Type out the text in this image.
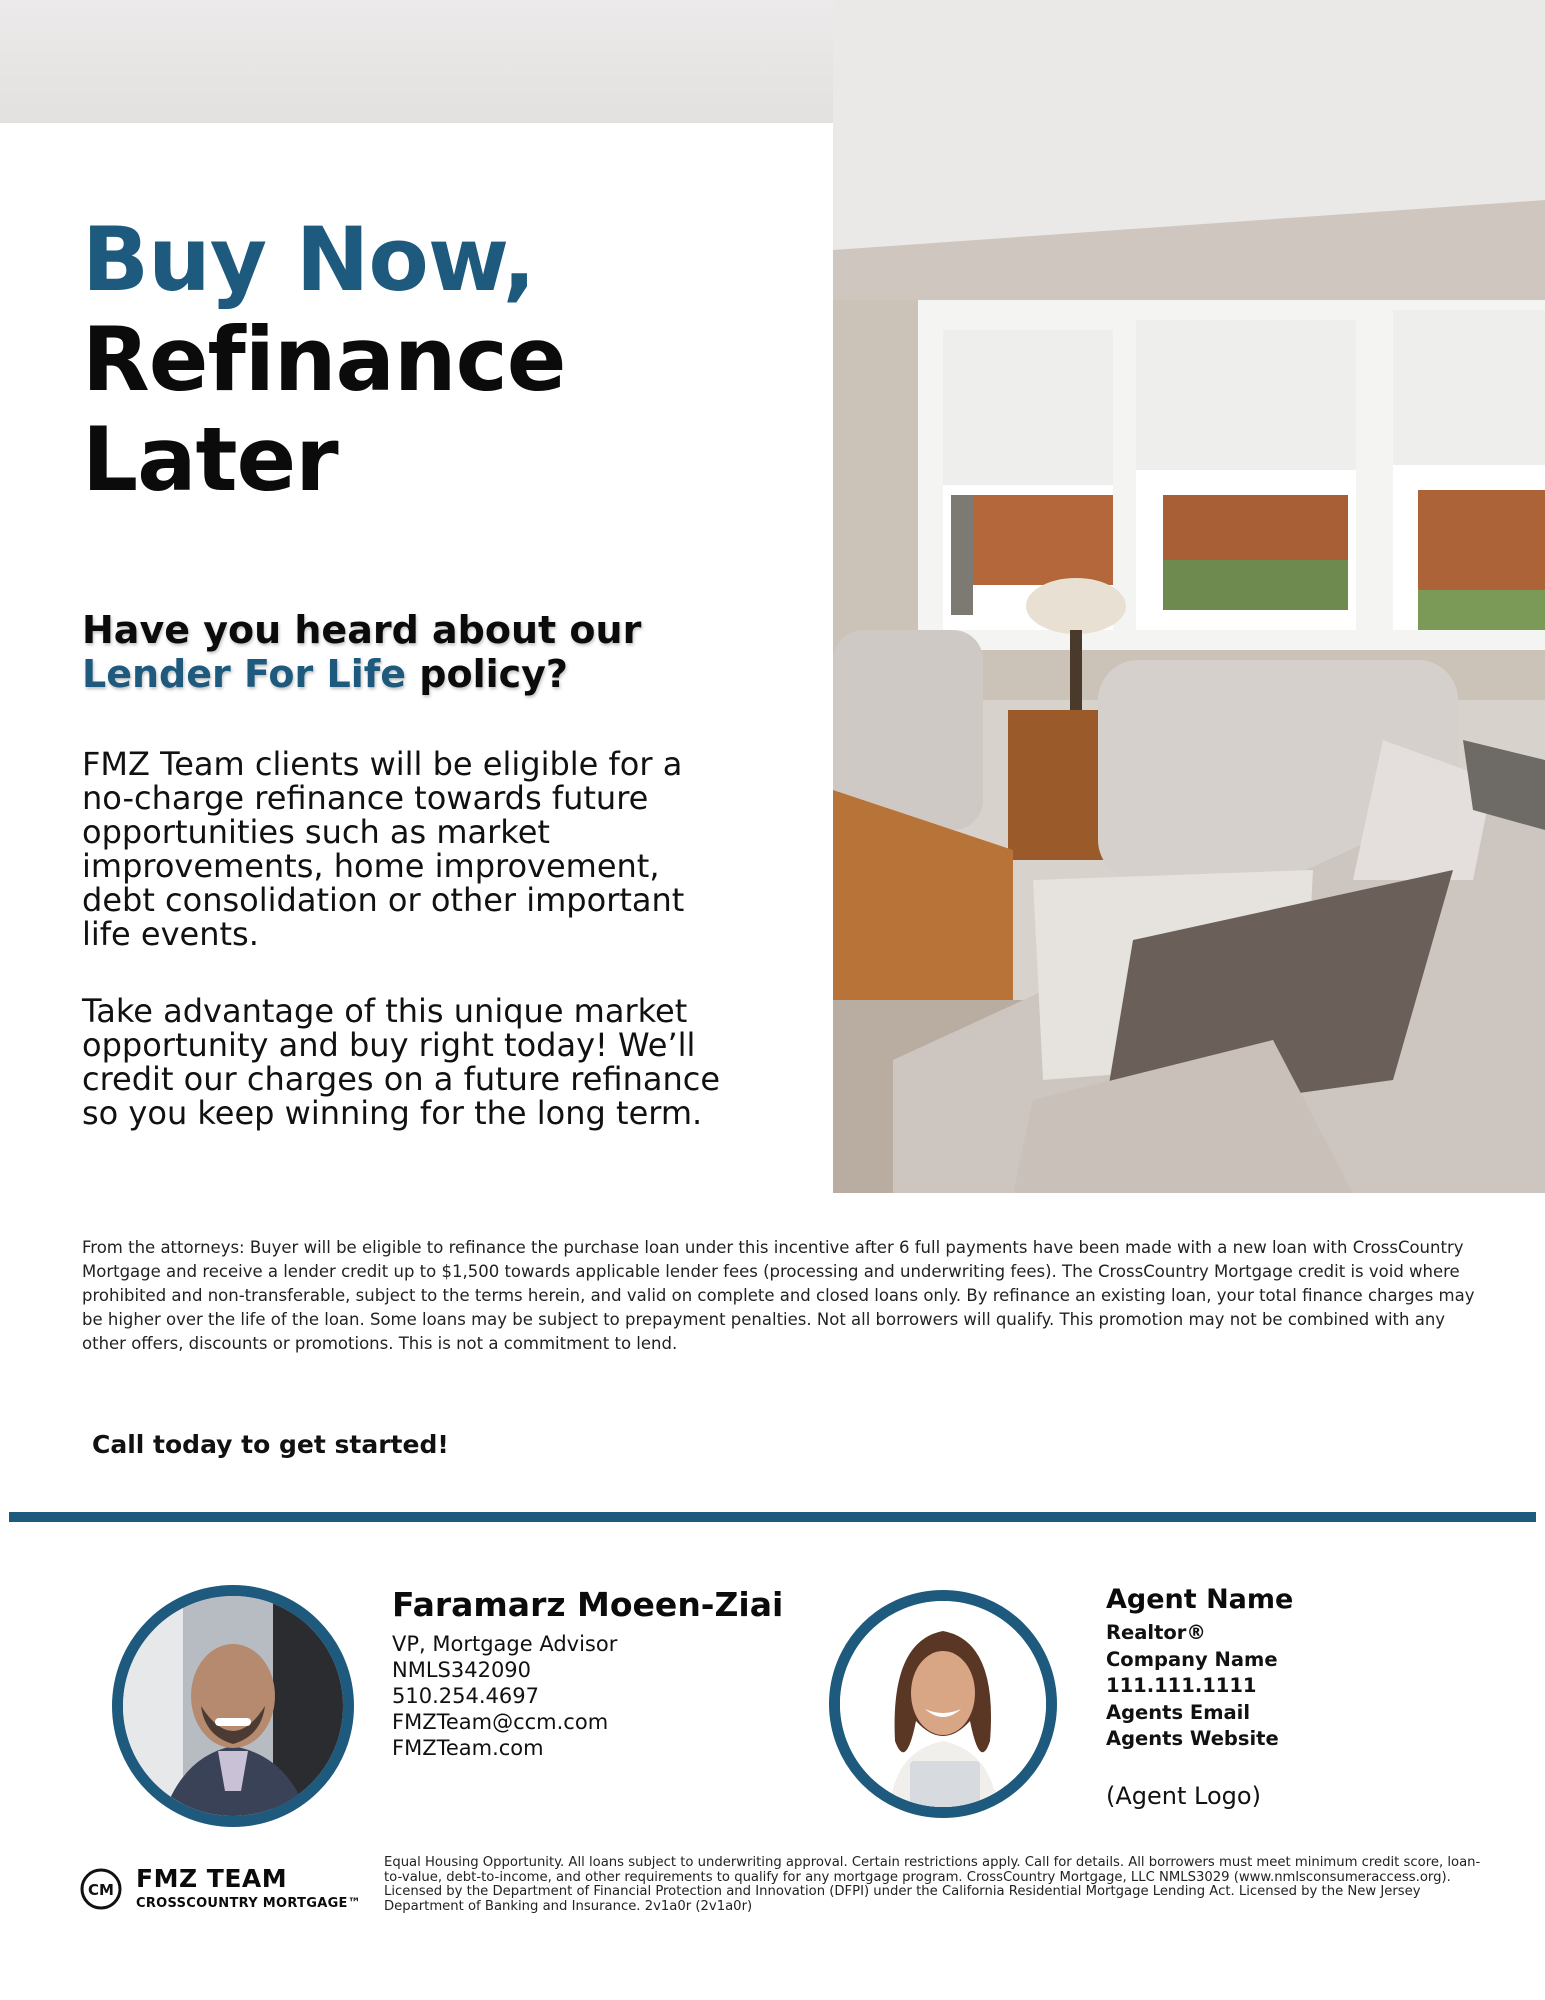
Buy Now,
Refinance
Later
Have you heard about our
Lender For Life policy?

FMZ Team clients will be eligible for a no-charge refinance towards future opportunities such as market improvements, home improvement, debt consolidation or other important life events.

Take advantage of this unique market opportunity and buy right today! We’ll credit our charges on a future refinance so you keep winning for the long term.

From the attorneys: Buyer will be eligible to refinance the purchase loan under this incentive after 6 full payments have been made with a new loan with CrossCountry Mortgage and receive a lender credit up to $1,500 towards applicable lender fees (processing and underwriting fees). The CrossCountry Mortgage credit is void where prohibited and non-transferable, subject to the terms herein, and valid on complete and closed loans only. By refinance an existing loan, your total finance charges may be higher over the life of the loan. Some loans may be subject to prepayment penalties. Not all borrowers will qualify. This promotion may not be combined with any other offers, discounts or promotions. This is not a commitment to lend.

Call today to get started!
Faramarz Moeen-Ziai
VP, Mortgage Advisor
NMLS342090
510.254.4697
FMZTeam@ccm.com
FMZTeam.com
Agent Name
Realtor®
Company Name
111.111.1111
Agents Email
Agents Website
(Agent Logo)
CM FMZ TEAM
CROSSCOUNTRY MORTGAGE™

Equal Housing Opportunity. All loans subject to underwriting approval. Certain restrictions apply. Call for details. All borrowers must meet minimum credit score, loan-to-value, debt-to-income, and other requirements to qualify for any mortgage program. CrossCountry Mortgage, LLC NMLS3029 (www.nmlsconsumeraccess.org). Licensed by the Department of Financial Protection and Innovation (DFPI) under the California Residential Mortgage Lending Act. Licensed by the New Jersey Department of Banking and Insurance. 2v1a0r (2v1a0r)
